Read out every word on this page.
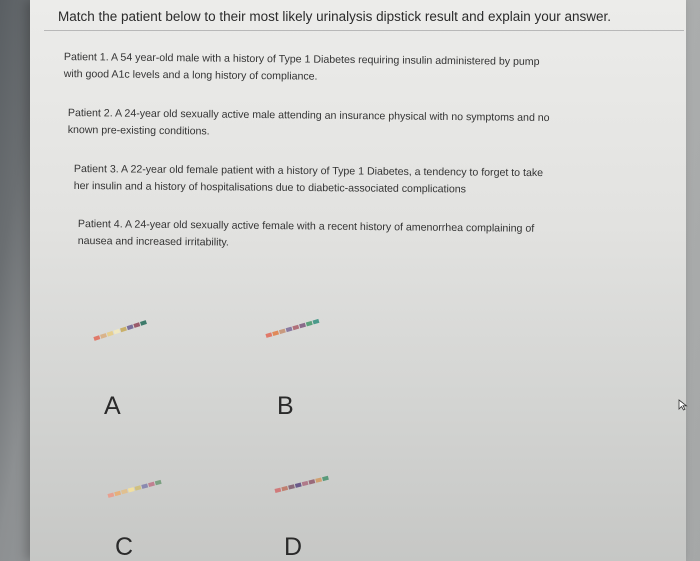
Match the patient below to their most likely urinalysis dipstick result and explain your answer.
Patient 1. A 54 year-old male with a history of Type 1 Diabetes requiring insulin administered by pump
with good A1c levels and a long history of compliance.
Patient 2. A 24-year old sexually active male attending an insurance physical with no symptoms and no
known pre-existing conditions.
Patient 3. A 22-year old female patient with a history of Type 1 Diabetes, a tendency to forget to take
her insulin and a history of hospitalisations due to diabetic-associated complications
Patient 4. A 24-year old sexually active female with a recent history of amenorrhea complaining of
nausea and increased irritability.
A	B
C	D
